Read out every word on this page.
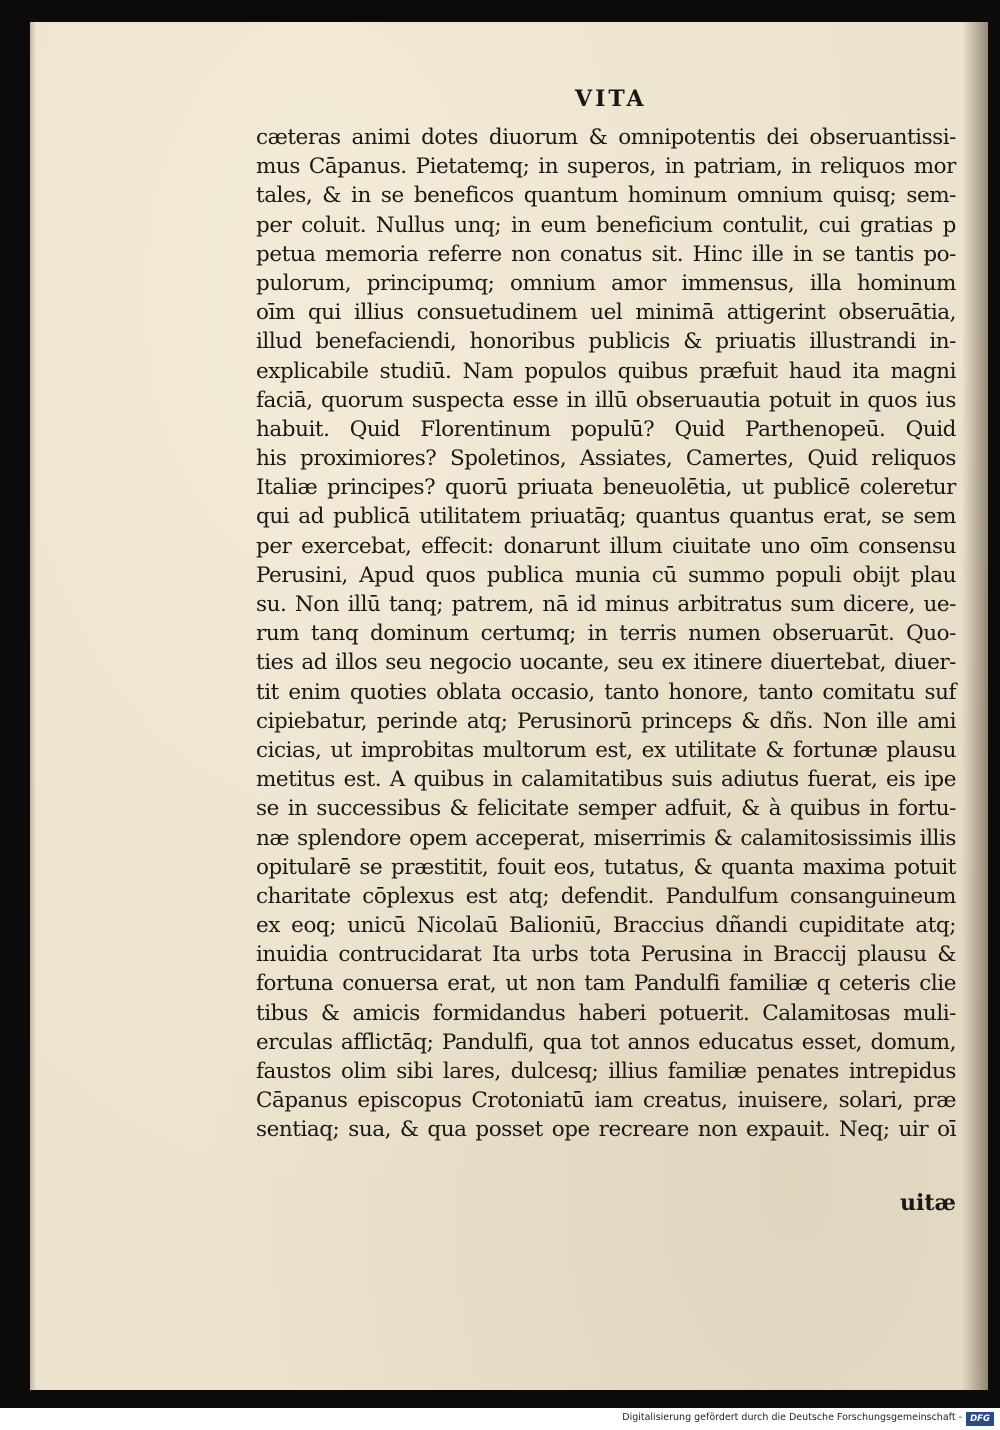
VITA
cæteras animi dotes diuorum & omnipotentis dei obseruantissi-
mus Cāpanus. Pietatemq; in superos, in patriam, in reliquos mor
tales, & in se beneficos quantum hominum omnium quisq; sem-
per coluit. Nullus unq; in eum beneficium contulit, cui gratias p
petua memoria referre non conatus sit. Hinc ille in se tantis po-
pulorum, principumq; omnium amor immensus, illa hominum
oīm qui illius consuetudinem uel minimā attigerint obseruātia,
illud benefaciendi, honoribus publicis & priuatis illustrandi in-
explicabile studiū. Nam populos quibus præfuit haud ita magni
faciā, quorum suspecta esse in illū obseruautia potuit in quos ius
habuit. Quid Florentinum populū? Quid Parthenopeū. Quid
his proximiores? Spoletinos, Assiates, Camertes, Quid reliquos
Italiæ principes? quorū priuata beneuolētia, ut publicē coleretur
qui ad publicā utilitatem priuatāq; quantus quantus erat, se sem
per exercebat, effecit: donarunt illum ciuitate uno oīm consensu
Perusini, Apud quos publica munia cū summo populi obijt plau
su. Non illū tanq; patrem, nā id minus arbitratus sum dicere, ue-
rum tanq dominum certumq; in terris numen obseruarūt. Quo-
ties ad illos seu negocio uocante, seu ex itinere diuertebat, diuer-
tit enim quoties oblata occasio, tanto honore, tanto comitatu suf
cipiebatur, perinde atq; Perusinorū princeps & dñs. Non ille ami
cicias, ut improbitas multorum est, ex utilitate & fortunæ plausu
metitus est. A quibus in calamitatibus suis adiutus fuerat, eis ipe
se in successibus & felicitate semper adfuit, & à quibus in fortu-
næ splendore opem acceperat, miserrimis & calamitosissimis illis
opitularē se præstitit, fouit eos, tutatus, & quanta maxima potuit
charitate cōplexus est atq; defendit. Pandulfum consanguineum
ex eoq; unicū Nicolaū Balioniū, Braccius dñandi cupiditate atq;
inuidia contrucidarat Ita urbs tota Perusina in Braccij plausu &
fortuna conuersa erat, ut non tam Pandulfi familiæ q ceteris clie
tibus & amicis formidandus haberi potuerit. Calamitosas muli-
erculas afflictāq; Pandulfi, qua tot annos educatus esset, domum,
faustos olim sibi lares, dulcesq; illius familiæ penates intrepidus
Cāpanus episcopus Crotoniatū iam creatus, inuisere, solari, præ
sentiaq; sua, & qua posset ope recreare non expauit. Neq; uir oī
uitæ
Digitalisierung gefördert durch die Deutsche Forschungsgemeinschaft - DFG
